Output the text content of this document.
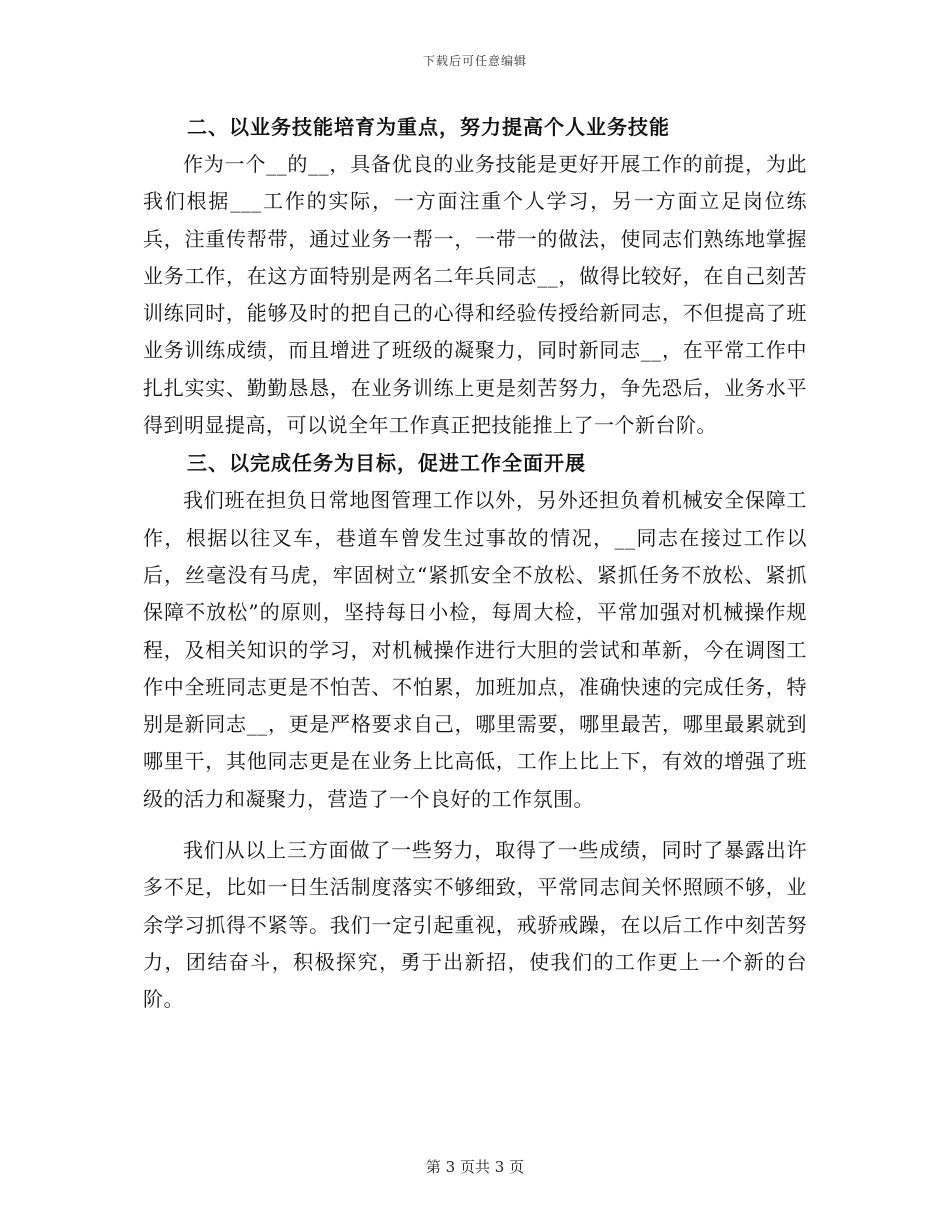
下载后可任意编辑
二、以业务技能培育为重点，努力提高个人业务技能

作为一个__的__，具备优良的业务技能是更好开展工作的前提，为此我们根据___工作的实际，一方面注重个人学习，另一方面立足岗位练兵，注重传帮带，通过业务一帮一，一带一的做法，使同志们熟练地掌握业务工作，在这方面特别是两名二年兵同志__，做得比较好，在自己刻苦训练同时，能够及时的把自己的心得和经验传授给新同志，不但提高了班业务训练成绩，而且增进了班级的凝聚力，同时新同志__，在平常工作中扎扎实实、勤勤恳恳，在业务训练上更是刻苦努力，争先恐后，业务水平得到明显提高，可以说全年工作真正把技能推上了一个新台阶。

三、以完成任务为目标，促进工作全面开展

我们班在担负日常地图管理工作以外，另外还担负着机械安全保障工作，根据以往叉车，巷道车曾发生过事故的情况，__同志在接过工作以后，丝毫没有马虎，牢固树立“紧抓安全不放松、紧抓任务不放松、紧抓保障不放松”的原则，坚持每日小检，每周大检，平常加强对机械操作规程，及相关知识的学习，对机械操作进行大胆的尝试和革新，今在调图工作中全班同志更是不怕苦、不怕累，加班加点，准确快速的完成任务，特别是新同志__，更是严格要求自己，哪里需要，哪里最苦，哪里最累就到哪里干，其他同志更是在业务上比高低，工作上比上下，有效的增强了班级的活力和凝聚力，营造了一个良好的工作氛围。

我们从以上三方面做了一些努力，取得了一些成绩，同时了暴露出许多不足，比如一日生活制度落实不够细致，平常同志间关怀照顾不够，业余学习抓得不紧等。我们一定引起重视，戒骄戒躁，在以后工作中刻苦努力，团结奋斗，积极探究，勇于出新招，使我们的工作更上一个新的台阶。

第 3 页共 3 页
